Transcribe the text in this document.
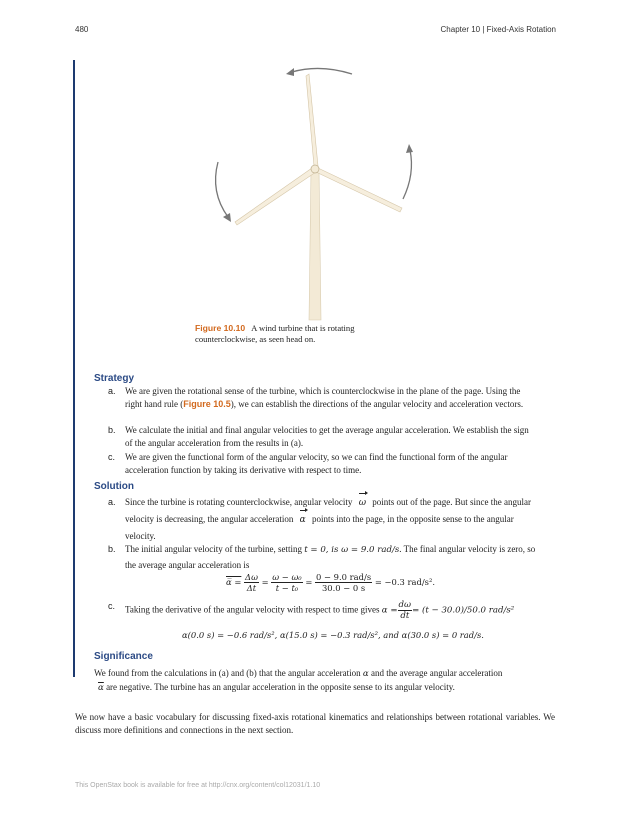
480	Chapter 10 | Fixed-Axis Rotation
Figure 10.10 A wind turbine that is rotating counterclockwise, as seen head on.
Strategy
a. We are given the rotational sense of the turbine, which is counterclockwise in the plane of the page. Using the right hand rule (Figure 10.5), we can establish the directions of the angular velocity and acceleration vectors.
b. We calculate the initial and final angular velocities to get the average angular acceleration. We establish the sign of the angular acceleration from the results in (a).
c. We are given the functional form of the angular velocity, so we can find the functional form of the angular acceleration function by taking its derivative with respect to time.
Solution
a. Since the turbine is rotating counterclockwise, angular velocity ω points out of the page. But since the angular velocity is decreasing, the angular acceleration α points into the page, in the opposite sense to the angular velocity.
b. The initial angular velocity of the turbine, setting t = 0, is ω = 9.0 rad/s. The final angular velocity is zero, so the average angular acceleration is
α̅ = $\frac{\Delta\omega}{\Delta t} = \frac{\text{ω − ω₀}}{\text{t − t₀}} = \frac{\text{0 − 9.0 rad/s}}{30.0 - 0 s} = -0.3$ rad/s².
c. Taking the derivative of the angular velocity with respect to time gives $\alpha = \frac{d\omega}{dt} = (t - 30.0)/50.0$ rad/s²
α(0.0 s) = −0.6 rad/s², α(15.0 s) = −0.3 rad/s², and α(30.0 s) = 0 rad/s.
Significance
We found from the calculations in (a) and (b) that the angular acceleration α and the average angular acceleration
$\overline{\alpha}$ are negative. The turbine has an angular acceleration in the opposite sense to its angular velocity.
We now have a basic vocabulary for discussing fixed-axis rotational kinematics and relationships between rotational variables. We discuss more definitions and connections in the next section.
This OpenStax book is available for free at http://cnx.org/content/col12031/1.10
